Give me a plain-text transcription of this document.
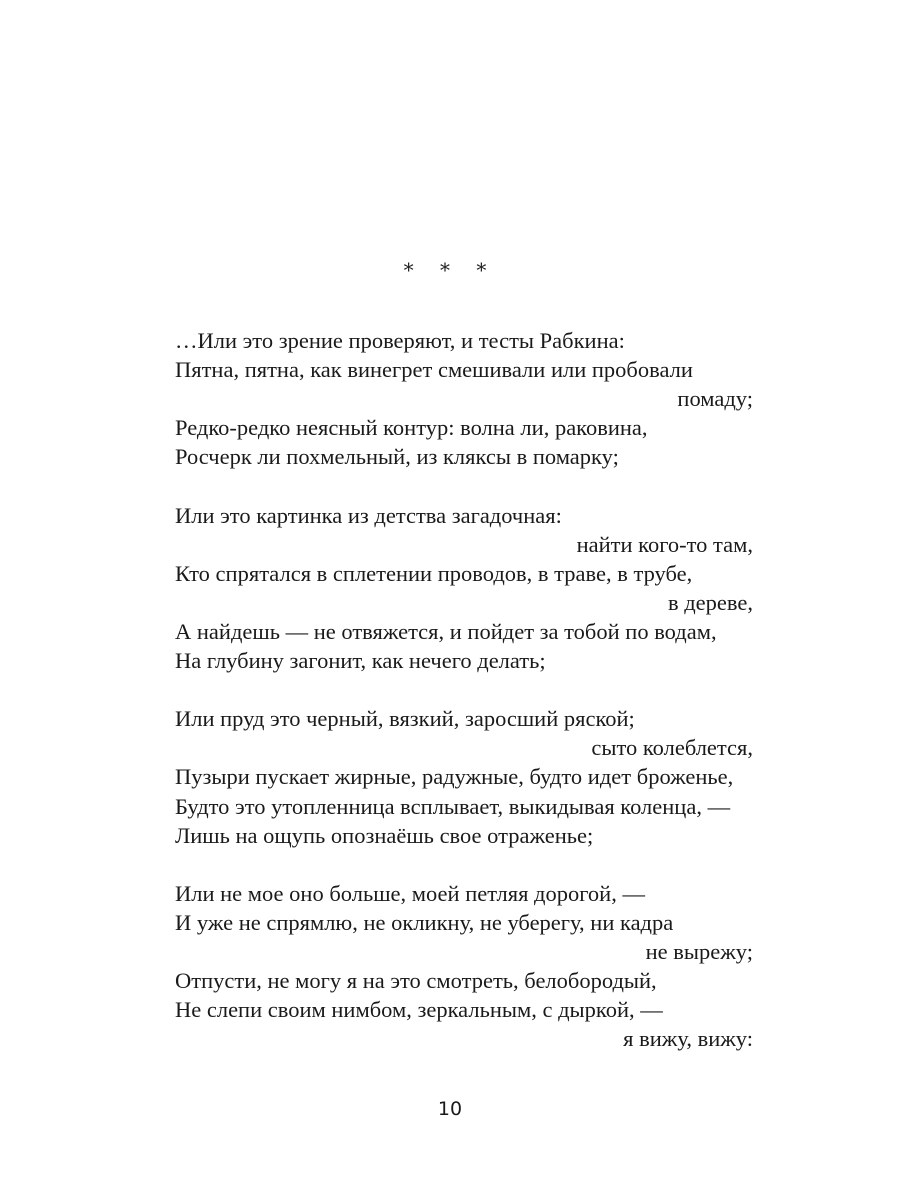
* * *
…Или это зрение проверяют, и тесты Рабкина:
Пятна, пятна, как винегрет смешивали или пробовали
помаду;
Редко-редко неясный контур: волна ли, раковина,
Росчерк ли похмельный, из кляксы в помарку;
Или это картинка из детства загадочная:
найти кого-то там,
Кто спрятался в сплетении проводов, в траве, в трубе,
в дереве,
А найдешь — не отвяжется, и пойдет за тобой по водам,
На глубину загонит, как нечего делать;
Или пруд это черный, вязкий, заросший ряской;
сыто колеблется,
Пузыри пускает жирные, радужные, будто идет броженье,
Будто это утопленница всплывает, выкидывая коленца, —
Лишь на ощупь опознаёшь свое отраженье;
Или не мое оно больше, моей петляя дорогой, —
И уже не спрямлю, не окликну, не уберегу, ни кадра
не вырежу;
Отпусти, не могу я на это смотреть, белобородый,
Не слепи своим нимбом, зеркальным, с дыркой, —
я вижу, вижу:
10
